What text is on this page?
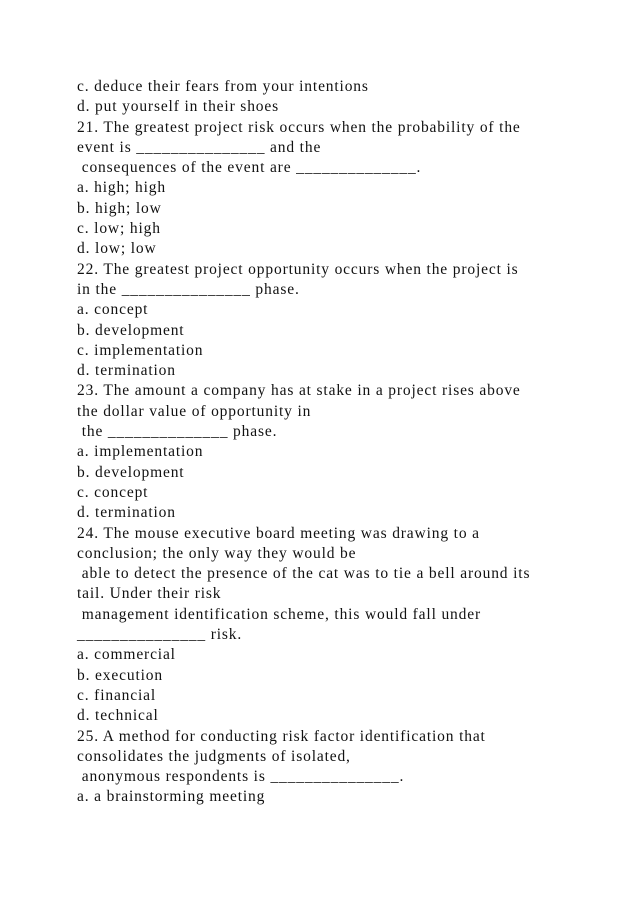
c. deduce their fears from your intentions
d. put yourself in their shoes
21. The greatest project risk occurs when the probability of the
event is _______________ and the
consequences of the event are ______________.
a. high; high
b. high; low
c. low; high
d. low; low
22. The greatest project opportunity occurs when the project is
in the _______________ phase.
a. concept
b. development
c. implementation
d. termination
23. The amount a company has at stake in a project rises above
the dollar value of opportunity in
the ______________ phase.
a. implementation
b. development
c. concept
d. termination
24. The mouse executive board meeting was drawing to a
conclusion; the only way they would be
able to detect the presence of the cat was to tie a bell around its
tail. Under their risk
management identification scheme, this would fall under
_______________ risk.
a. commercial
b. execution
c. financial
d. technical
25. A method for conducting risk factor identification that
consolidates the judgments of isolated,
anonymous respondents is _______________.
a. a brainstorming meeting
